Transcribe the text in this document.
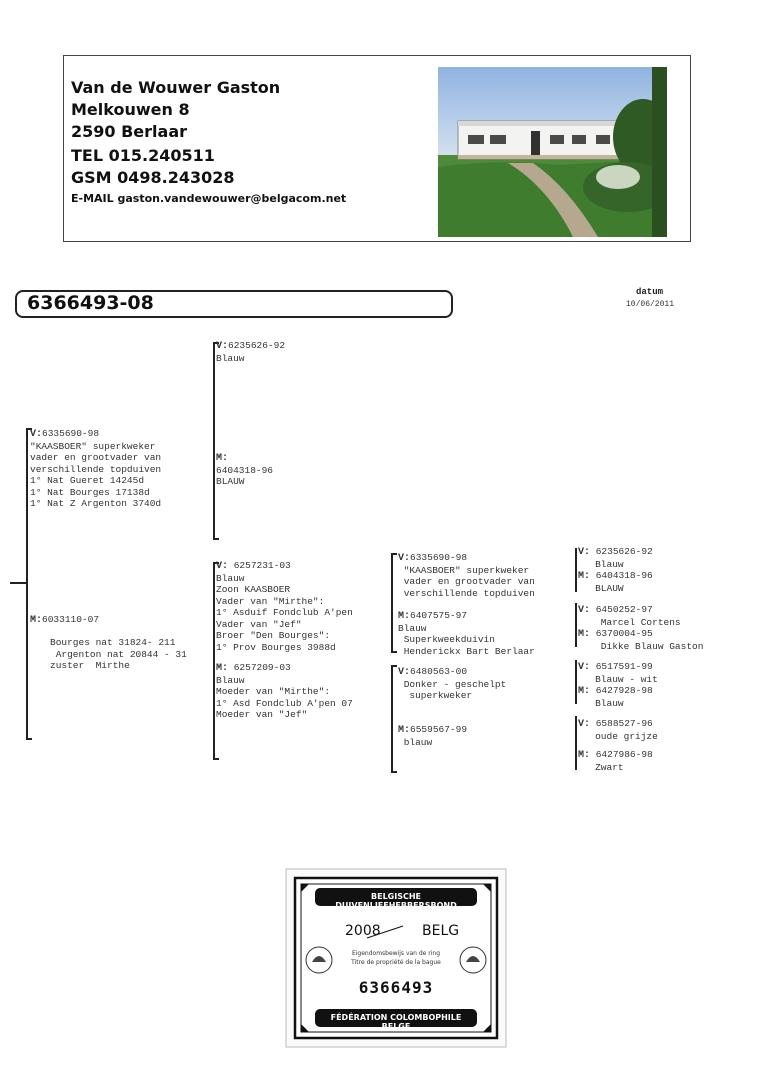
Van de Wouwer Gaston
Melkouwen 8
2590 Berlaar
TEL 015.240511
GSM 0498.243028
E-MAIL gaston.vandewouwer@belgacom.net
6366493-08	datum
10/06/2011
V:6335690-98
"KAASBOER" superkweker
vader en grootvader van
verschillende topduiven
1° Nat Gueret 14245d
1° Nat Bourges 17138d
1° Nat Z Argenton 3740d
M:6033110-07
Bourges nat 31824- 211
Argenton nat 20844 - 31
zuster  Mirthe
V:6235626-92
Blauw
M:
6404318-96
BLAUW
V: 6257231-03
Blauw
Zoon KAASBOER
Vader van "Mirthe":
1° Asduif Fondclub A'pen
Vader van "Jef"
Broer "Den Bourges":
1° Prov Bourges 3988d
M: 6257209-03
Blauw
Moeder van "Mirthe":
1° Asd Fondclub A'pen 07
Moeder van "Jef"
V:6335690-98
"KAASBOER" superkweker
vader en grootvader van
verschillende topduiven
M:6407575-97
Blauw
Superkweekduivin
Henderickx Bart Berlaar
V:6480563-00
Donker - geschelpt
superkweker
M:6559567-99
blauw
V: 6235626-92
Blauw
M: 6404318-96
BLAUW
V: 6450252-97
Marcel Cortens
M: 6370004-95
Dikke Blauw Gaston
V: 6517591-99
Blauw - wit
M: 6427928-98
Blauw
V: 6588527-96
oude grijze
M: 6427986-98
Zwart
BELGISCHE DUIVENLIEFHEBBERSBOND
2008	BELG
Eigendomsbewijs van de ring
Titre de propriété de la bague
6366493
FÉDÉRATION COLOMBOPHILE BELGE
